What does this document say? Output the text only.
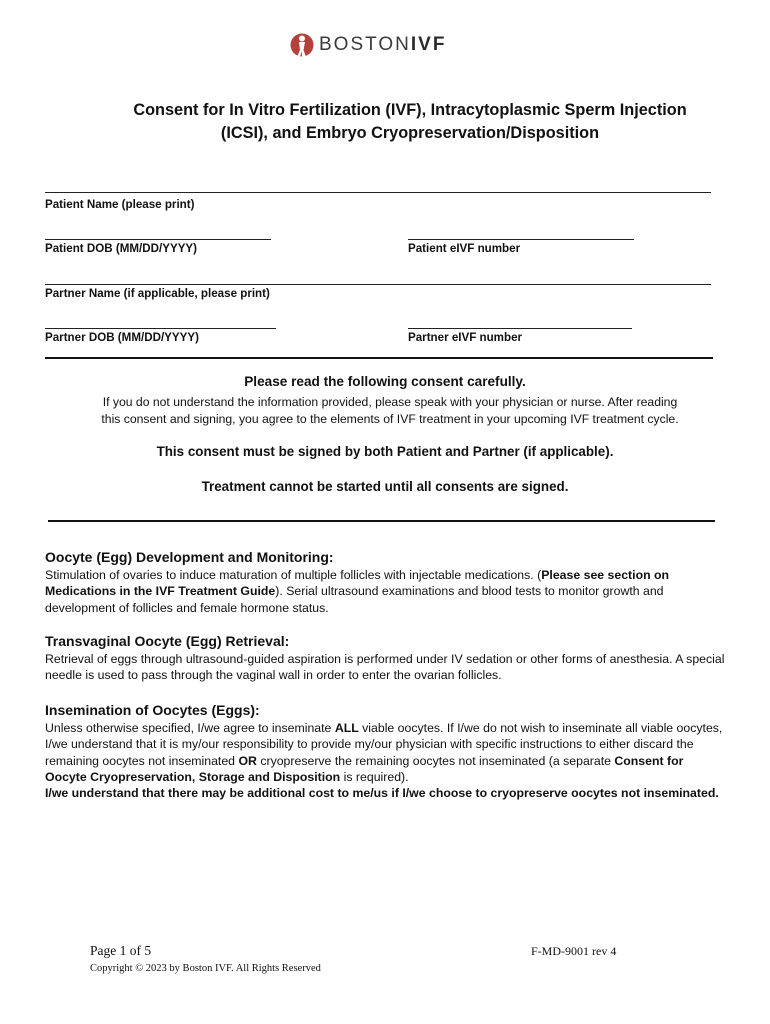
BOSTONIVF
Consent for In Vitro Fertilization (IVF), Intracytoplasmic Sperm Injection
(ICSI), and Embryo Cryopreservation/Disposition
Patient Name (please print)
Patient DOB (MM/DD/YYYY)	Patient eIVF number
Partner Name (if applicable, please print)
Partner DOB (MM/DD/YYYY)	Partner eIVF number
Please read the following consent carefully.
If you do not understand the information provided, please speak with your physician or nurse. After reading
this consent and signing, you agree to the elements of IVF treatment in your upcoming IVF treatment cycle.
This consent must be signed by both Patient and Partner (if applicable).
Treatment cannot be started until all consents are signed.
Oocyte (Egg) Development and Monitoring:
Stimulation of ovaries to induce maturation of multiple follicles with injectable medications. (Please see section on Medications in the IVF Treatment Guide). Serial ultrasound examinations and blood tests to monitor growth and development of follicles and female hormone status.
Transvaginal Oocyte (Egg) Retrieval:
Retrieval of eggs through ultrasound-guided aspiration is performed under IV sedation or other forms of anesthesia. A special needle is used to pass through the vaginal wall in order to enter the ovarian follicles.
Insemination of Oocytes (Eggs):
Unless otherwise specified, I/we agree to inseminate ALL viable oocytes. If I/we do not wish to inseminate all viable oocytes, I/we understand that it is my/our responsibility to provide my/our physician with specific instructions to either discard the remaining oocytes not inseminated OR cryopreserve the remaining oocytes not inseminated (a separate Consent for Oocyte Cryopreservation, Storage and Disposition is required).
I/we understand that there may be additional cost to me/us if I/we choose to cryopreserve oocytes not inseminated.
Page 1 of 5	F-MD-9001 rev 4
Copyright © 2023 by Boston IVF. All Rights Reserved
